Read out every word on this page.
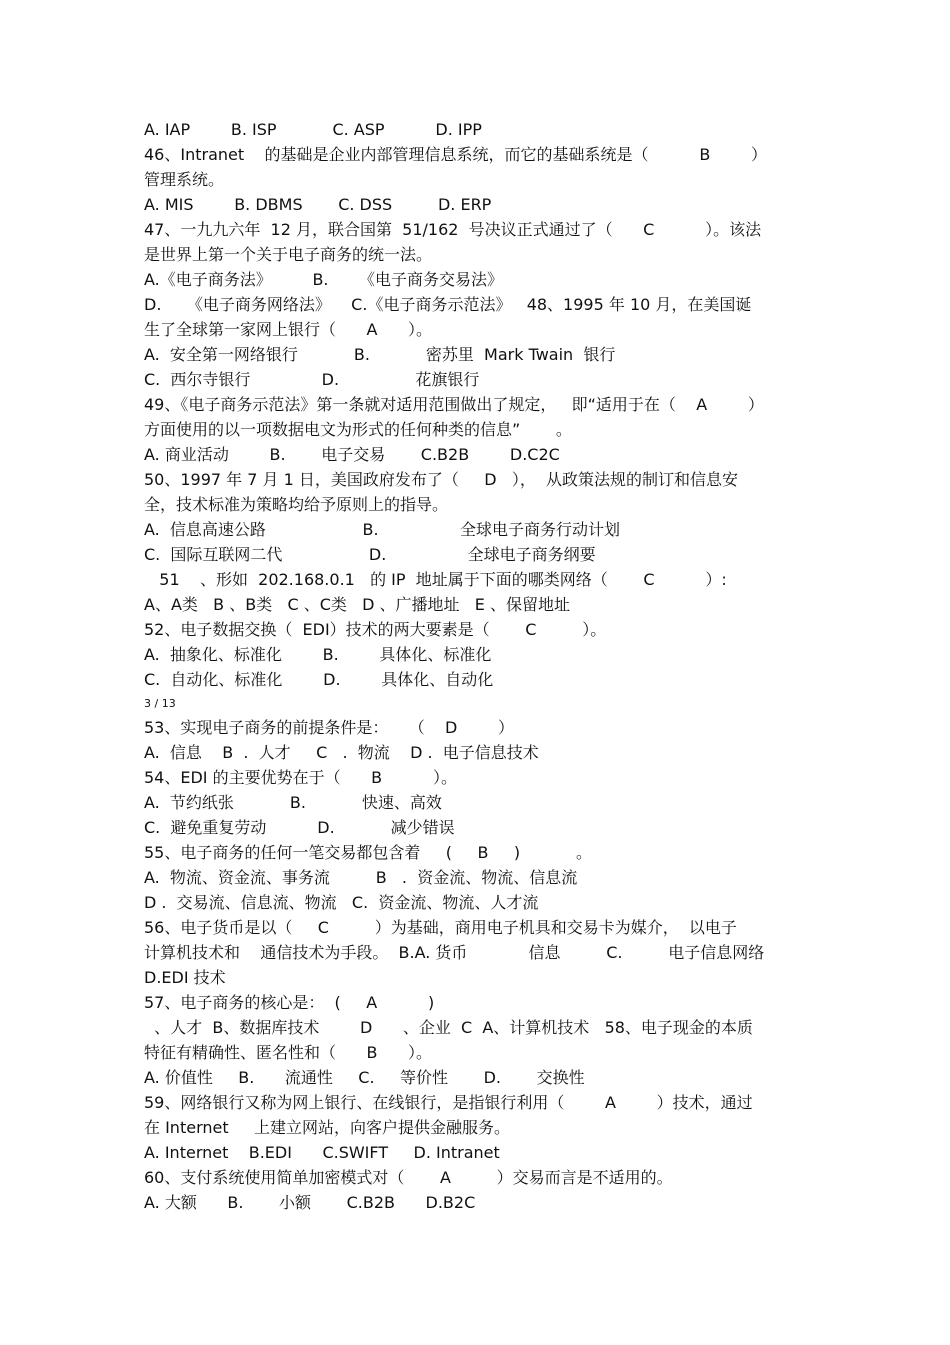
A. IAP        B. ISP           C. ASP          D. IPP
46、Intranet    的基础是企业内部管理信息系统，而它的基础系统是（          B        ）
管理系统。
A. MIS        B. DBMS       C. DSS         D. ERP
47、一九九六年  12 月，联合国第  51/162  号决议正式通过了（      C          ）。该法
是世界上第一个关于电子商务的统一法。
A.《电子商务法》        B.      《电子商务交易法》
D.     《电子商务网络法》    C.《电子商务示范法》   48、1995 年 10 月，在美国诞
生了全球第一家网上银行（      A      ）。
A.  安全第一网络银行           B.           密苏里  Mark Twain  银行
C.  西尔寺银行              D.               花旗银行
49、《电子商务示范法》第一条就对适用范围做出了规定，   即“适用于在（    A        ）
方面使用的以一项数据电文为形式的任何种类的信息”       。
A. 商业活动        B.       电子交易       C.B2B        D.C2C
50、1997 年 7 月 1 日，美国政府发布了（     D   ），  从政策法规的制订和信息安
全，技术标准为策略均给予原则上的指导。
A.  信息高速公路                   B.                全球电子商务行动计划
C.  国际互联网二代                 D.                全球电子商务纲要
51    、形如  202.168.0.1   的 IP  地址属于下面的哪类网络（       C          ）:
A、A类   B 、B类   C 、C类   D 、广播地址   E 、保留地址
52、电子数据交换（  EDI）技术的两大要素是（       C         ）。
A.  抽象化、标准化        B.        具体化、标准化
C.  自动化、标准化        D.        具体化、自动化
3 / 13
53、实现电子商务的前提条件是：    （    D        ）
A.  信息    B  .  人才     C   .  物流    D .  电子信息技术
54、EDI 的主要优势在于（      B          ）。
A.  节约纸张           B.           快速、高效
C.  避免重复劳动          D.           减少错误
55、电子商务的任何一笔交易都包含着     (     B     )           。
A.  物流、资金流、事务流         B   .  资金流、物流、信息流
D .  交易流、信息流、物流   C.  资金流、物流、人才流
56、电子货币是以（     C         ）为基础，商用电子机具和交易卡为媒介，  以电子
计算机技术和    通信技术为手段。  B.A. 货币            信息         C.         电子信息网络
D.EDI 技术
57、电子商务的核心是：  (     A          )
、人才  B、数据库技术        D      、企业  C  A、计算机技术   58、电子现金的本质
特征有精确性、匿名性和（      B      ）。
A. 价值性     B.      流通性     C.     等价性       D.       交换性
59、网络银行又称为网上银行、在线银行，是指银行利用（        A        ）技术，通过
在 Internet     上建立网站，向客户提供金融服务。
A. Internet    B.EDI      C.SWIFT     D. Intranet
60、支付系统使用简单加密模式对（       A         ）交易而言是不适用的。
A. 大额      B.       小额       C.B2B      D.B2C
